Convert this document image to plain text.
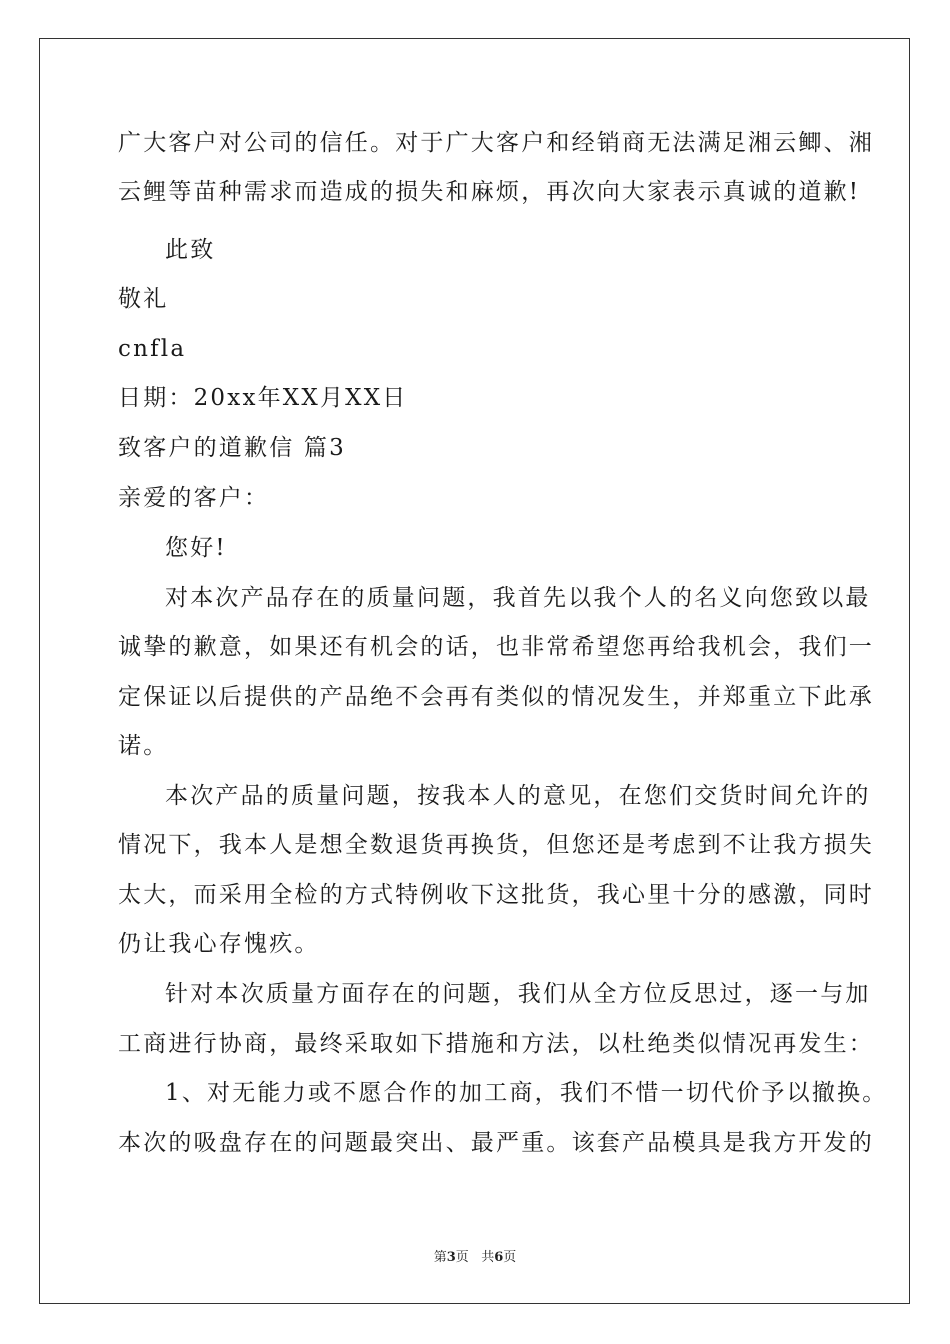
广大客户对公司的信任。对于广大客户和经销商无法满足湘云鲫、湘
云鲤等苗种需求而造成的损失和麻烦，再次向大家表示真诚的道歉!
此致
敬礼
cnfla
日期：20xx年XX月XX日
致客户的道歉信 篇3
亲爱的客户：
您好!
对本次产品存在的质量问题，我首先以我个人的名义向您致以最
诚挚的歉意，如果还有机会的话，也非常希望您再给我机会，我们一
定保证以后提供的产品绝不会再有类似的情况发生，并郑重立下此承
诺。
本次产品的质量问题，按我本人的意见，在您们交货时间允许的
情况下，我本人是想全数退货再换货，但您还是考虑到不让我方损失
太大，而采用全检的方式特例收下这批货，我心里十分的感激，同时
仍让我心存愧疚。
针对本次质量方面存在的问题，我们从全方位反思过，逐一与加
工商进行协商，最终采取如下措施和方法，以杜绝类似情况再发生：
1、对无能力或不愿合作的加工商，我们不惜一切代价予以撤换。
本次的吸盘存在的问题最突出、最严重。该套产品模具是我方开发的
第3页 共6页
